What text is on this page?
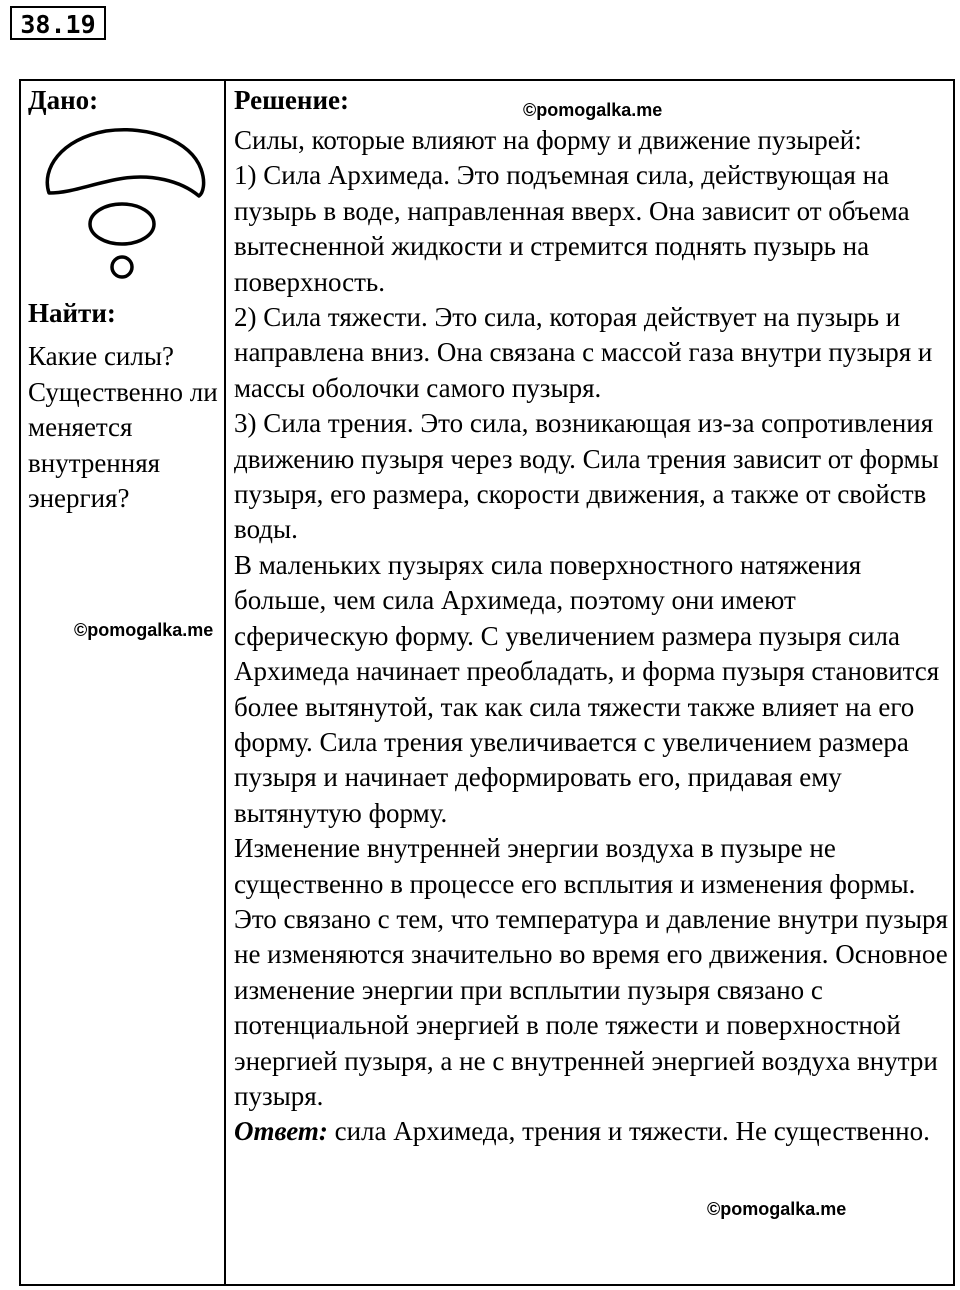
38.19
Дано:
Найти:
Какие силы? Существенно ли меняется внутренняя энергия?
Решение:

Силы, которые влияют на форму и движение пузырей:

1) Сила Архимеда. Это подъемная сила, действующая на пузырь в воде, направленная вверх. Она зависит от объема вытесненной жидкости и стремится поднять пузырь на поверхность.

2) Сила тяжести. Это сила, которая действует на пузырь и направлена вниз. Она связана с массой газа внутри пузыря и массы оболочки самого пузыря.

3) Сила трения. Это сила, возникающая из-за сопротивления движению пузыря через воду. Сила трения зависит от формы пузыря, его размера, скорости движения, а также от свойств воды.

В маленьких пузырях сила поверхностного натяжения больше, чем сила Архимеда, поэтому они имеют сферическую форму. С увеличением размера пузыря сила Архимеда начинает преобладать, и форма пузыря становится более вытянутой, так как сила тяжести также влияет на его форму. Сила трения увеличивается с увеличением размера пузыря и начинает деформировать его, придавая ему вытянутую форму.

Изменение внутренней энергии воздуха в пузыре не существенно в процессе его всплытия и изменения формы. Это связано с тем, что температура и давление внутри пузыря не изменяются значительно во время его движения. Основное изменение энергии при всплытии пузыря связано с потенциальной энергией в поле тяжести и поверхностной энергией пузыря, а не с внутренней энергией воздуха внутри пузыря.

Ответ: сила Архимеда, трения и тяжести. Не существенно.

©pomogalka.me
©pomogalka.me
©pomogalka.me
